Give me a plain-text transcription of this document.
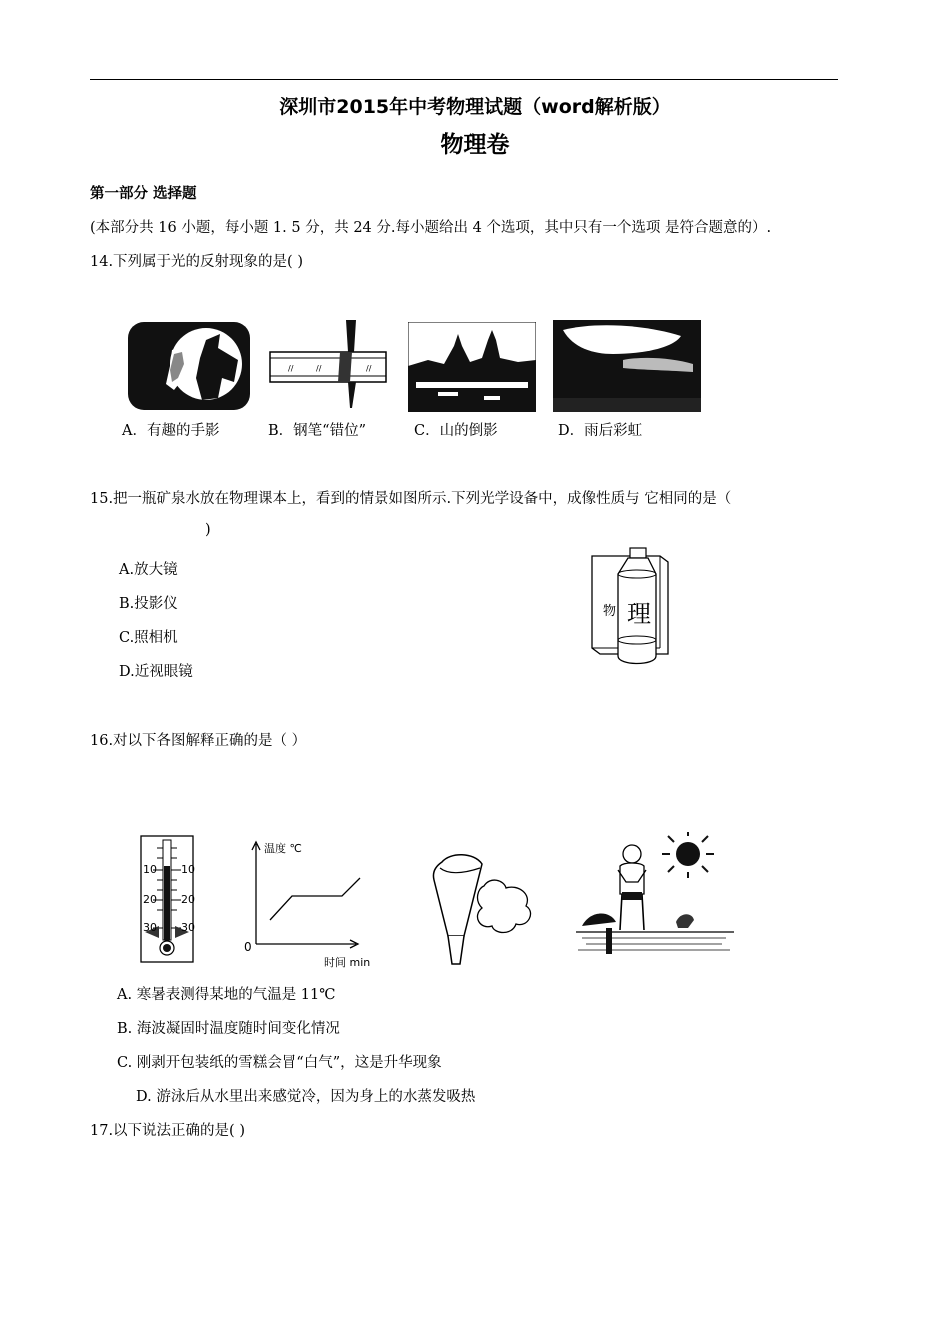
深圳市2015年中考物理试题（word解析版）
物理卷
第一部分 选择题
(本部分共 16 小题，每小题 1. 5 分，共 24 分.每小题给出 4 个选项，其中只有一个选项 是符合题意的）.
14.下列属于光的反射现象的是( )
//	//	//
A．有趣的手影	B．钢笔“错位”	C．山的倒影	D．雨后彩虹
15.把一瓶矿泉水放在物理课本上，看到的情景如图所示.下列光学设备中，成像性质与 它相同的是（
)
A.放大镜
B.投影仪
C.照相机
D.近视眼镜
物 理
16.对以下各图解释正确的是（ ）
10
20
30
10
20
30
温度 ℃
0
时间 min
A. 寒暑表测得某地的气温是 11℃
B. 海波凝固时温度随时间变化情况
C. 刚剥开包装纸的雪糕会冒“白气”，这是升华现象
D. 游泳后从水里出来感觉冷，因为身上的水蒸发吸热
17.以下说法正确的是( )
